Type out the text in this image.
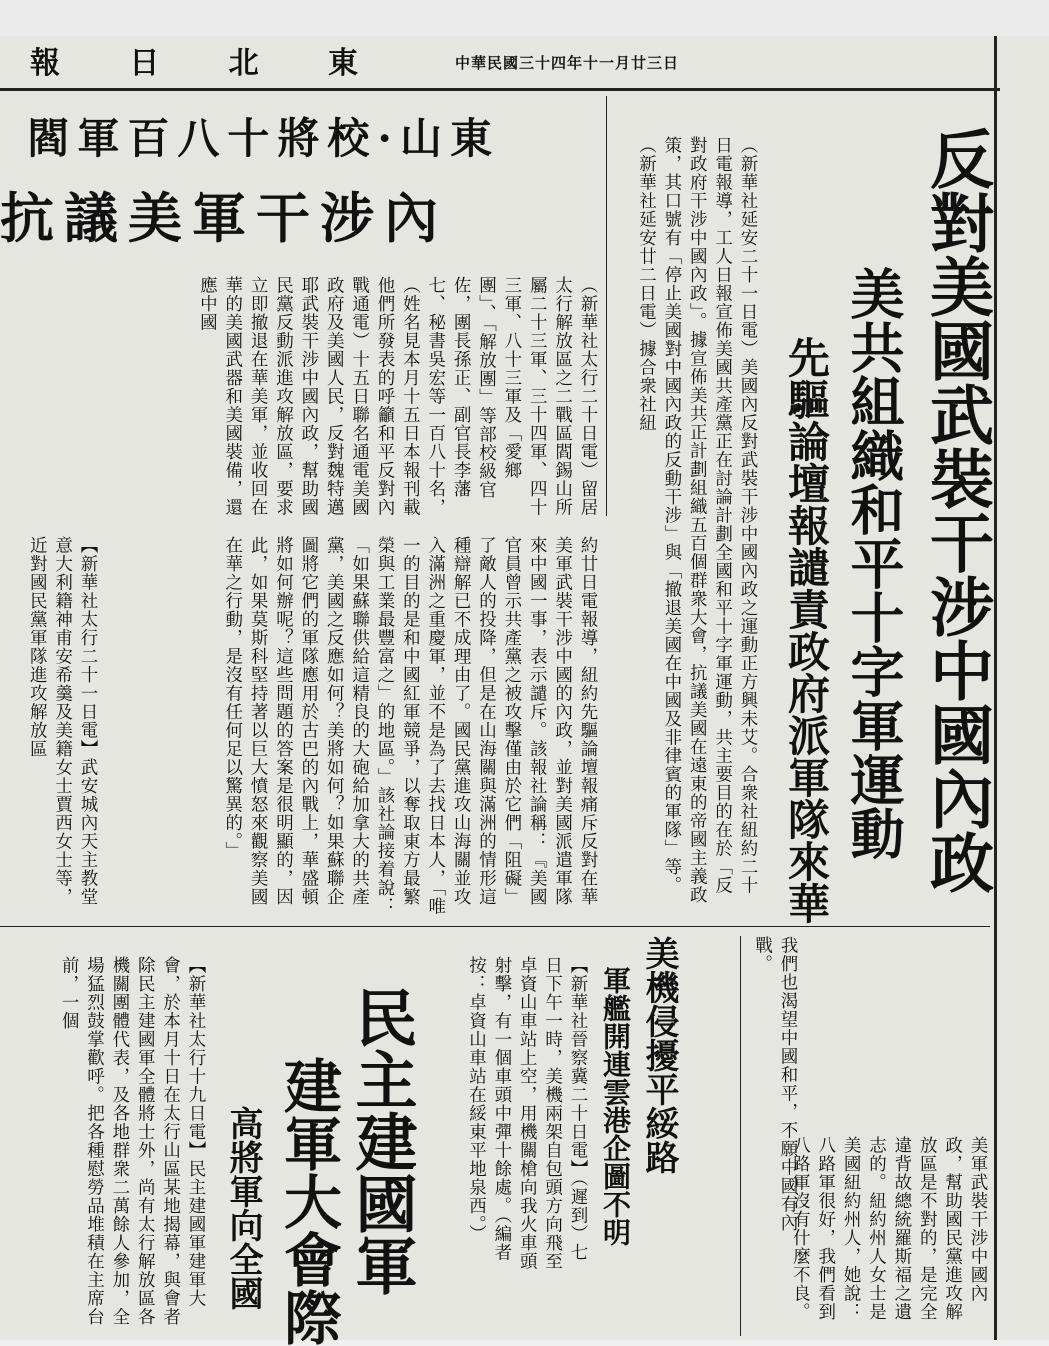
報 日 北 東	中華民國三十四年十一月廿三日
反對美國武裝干涉中國內政
美共組織和平十字軍運動
先驅論壇報譴責政府派軍隊來華
（新華社延安二十一日電）美國內反對武裝干涉中國內政之運動正方興未艾。合衆社紐約二十日電報導，工人日報宣佈美國共產黨正在討論計劃全國和平十字軍運動，共主要目的在於「反對政府干涉中國內政」。據宣佈美共正計劃組織五百個群衆大會，抗議美國在遠東的帝國主義政策，其口號有「停止美國對中國內政的反動干涉」與「撤退美國在中國及非律賓的軍隊」等。（新華社延安廿二日電）據合衆社紐
我們也渴望中國和平，不願中國有內戰。
閻軍百八十將校·山東
抗議美軍干涉內
（新華社太行二十日電）留居太行解放區之二戰區閻錫山所屬二十三軍、三十四軍、四十三軍、八十三軍及「愛鄉團」、「解放團」等部校級官佐，團長孫正、副官長李藩七、秘書吳宏等一百八十名，（姓名見本月十五日本報刊載他們所發表的呼籲和平反對內戰通電）十五日聯名通電美國政府及美國人民，反對魏特邁耶武裝干涉中國內政，幫助國民黨反動派進攻解放區，要求立即撤退在華美軍，並收回在華的美國武器和美國裝備，還應中國
約廿日電報導，紐約先驅論壇報痛斥反對在華美軍武裝干涉中國的內政，並對美國派遣軍隊來中國一事，表示譴斥。該報社論稱：『美國官員曾示共產黨之被攻擊僅由於它們「阻礙」了敵人的投降，但是在山海關與滿洲的情形這種辯解已不成理由了。國民黨進攻山海關並攻入滿洲之重慶軍，並不是為了去找日本人，「唯一的目的是和中國紅軍競爭，以奪取東方最繁榮與工業最豐富之」的地區。」該社論接着說：「如果蘇聯供給這精良的大砲給加拿大的共產黨，美國之反應如何？美將如何？如果蘇聯企圖將它們的軍隊應用於古巴的內戰上，華盛頓將如何辦呢？這些問題的答案是很明顯的，因此，如果莫斯科堅持著以巨大憤怒來觀察美國在華之行動，是沒有任何足以驚異的。」
【新華社太行二十一日電】武安城內天主教堂意大利籍神甫安希羹及美籍女士賈西女士等，近對國民黨軍隊進攻解放區
美機侵擾平綏路
軍艦開連雲港企圖不明
【新華社晉察冀二十日電】（遲到）七日下午一時，美機兩架自包頭方向飛至卓資山車站上空，用機關槍向我火車頭射擊，有一個車頭中彈十餘處。（編者按：卓資山車站在綏東平地泉西。）
民主建國軍
建軍大會際
高將軍向全國
【新華社太行十九日電】民主建國軍建軍大會，於本月十日在太行山區某地揭幕，與會者除民主建國軍全體將士外，尚有太行解放區各機關團體代表，及各地群衆二萬餘人參加，全場猛烈鼓掌歡呼。把各種慰勞品堆積在主席台前，一個
美軍武裝干涉中國內政，幫助國民黨進攻解放區是不對的，是完全違背故總統羅斯福之遺志的。紐約州人女士是美國紐約州人，她說：八路軍很好，我們看到八路軍沒有什麼不良。
